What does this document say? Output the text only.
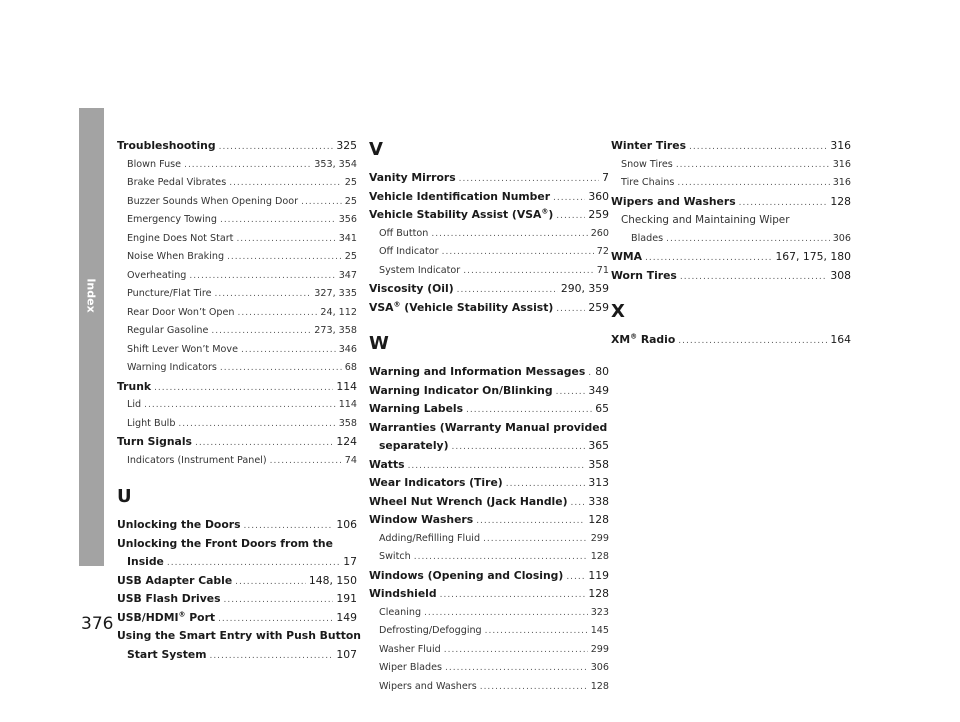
Index
376
Troubleshooting .....	325
Blown Fuse .....	353, 354
Brake Pedal Vibrates .....	25
Buzzer Sounds When Opening Door .....	25
Emergency Towing .....	356
Engine Does Not Start .....	341
Noise When Braking .....	25
Overheating .....	347
Puncture/Flat Tire .....	327, 335
Rear Door Won’t Open .....	24, 112
Regular Gasoline .....	273, 358
Shift Lever Won’t Move .....	346
Warning Indicators .....	68
Trunk .....	114
Lid .....	114
Light Bulb .....	358
Turn Signals .....	124
Indicators (Instrument Panel) .....	74
U
Unlocking the Doors .....	106
Unlocking the Front Doors from the
Inside .....	17
USB Adapter Cable .....	148, 150
USB Flash Drives .....	191
USB/HDMI® Port .....	149
Using the Smart Entry with Push Button
Start System .....	107
V
Vanity Mirrors .....	7
Vehicle Identification Number .....	360
Vehicle Stability Assist (VSA®) .....	259
Off Button .....	260
Off Indicator .....	72
System Indicator .....	71
Viscosity (Oil) .....	290, 359
VSA® (Vehicle Stability Assist) .....	259
W
Warning and Information Messages ..... 80
Warning Indicator On/Blinking .....	349
Warning Labels .....	65
Warranties (Warranty Manual provided
separately) .....	365
Watts .....	358
Wear Indicators (Tire) .....	313
Wheel Nut Wrench (Jack Handle) ..... 338
Window Washers .....	128
Adding/Refilling Fluid .....	299
Switch .....	128
Windows (Opening and Closing) ..... 119
Windshield .....	128
Cleaning .....	323
Defrosting/Defogging .....	145
Washer Fluid .....	299
Wiper Blades .....	306
Wipers and Washers .....	128
Winter Tires .....	316
Snow Tires .....	316
Tire Chains .....	316
Wipers and Washers .....	128
Checking and Maintaining Wiper
Blades .....	306
WMA .....	167, 175, 180
Worn Tires .....	308
X
XM® Radio .....	164
